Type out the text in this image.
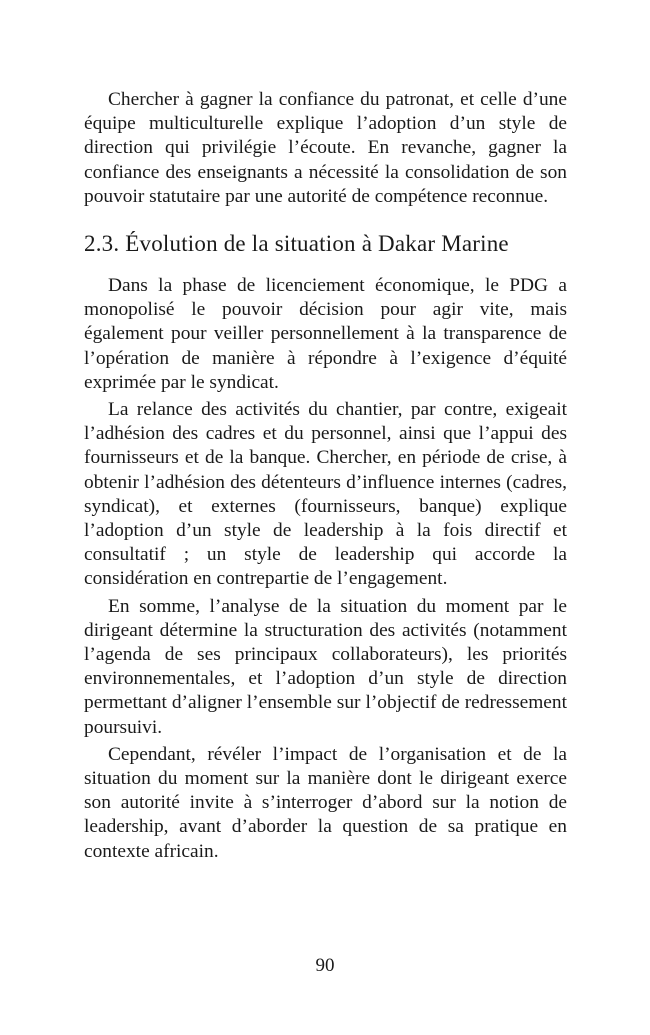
Chercher à gagner la confiance du patronat, et celle d’une équipe multiculturelle explique l’adoption d’un style de direction qui privilégie l’écoute. En revanche, gagner la confiance des enseignants a nécessité la consolidation de son pouvoir statutaire par une autorité de compétence reconnue.

2.3. Évolution de la situation à Dakar Marine

Dans la phase de licenciement économique, le PDG a monopolisé le pouvoir décision pour agir vite, mais également pour veiller personnellement à la transparence de l’opération de manière à répondre à l’exigence d’équité exprimée par le syndicat.

La relance des activités du chantier, par contre, exigeait l’adhésion des cadres et du personnel, ainsi que l’appui des fournisseurs et de la banque. Chercher, en période de crise, à obtenir l’adhésion des détenteurs d’influence internes (cadres, syndicat), et externes (fournisseurs, banque) explique l’adoption d’un style de leadership à la fois directif et consultatif ; un style de leadership qui accorde la considération en contrepartie de l’engagement.

En somme, l’analyse de la situation du moment par le dirigeant détermine la structuration des activités (notamment l’agenda de ses principaux collaborateurs), les priorités environnementales, et l’adoption d’un style de direction permettant d’aligner l’ensemble sur l’objectif de redressement poursuivi.

Cependant, révéler l’impact de l’organisation et de la situation du moment sur la manière dont le dirigeant exerce son autorité invite à s’interroger d’abord sur la notion de leadership, avant d’aborder la question de sa pratique en contexte africain.

90
